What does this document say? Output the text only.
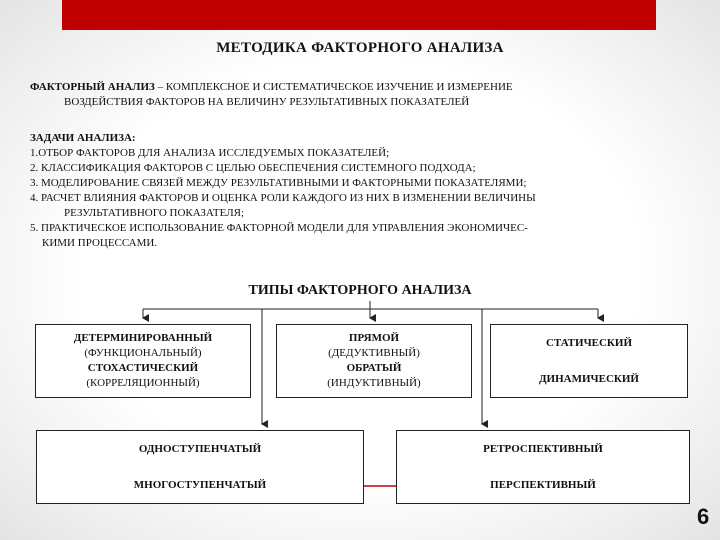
МЕТОДИКА ФАКТОРНОГО АНАЛИЗА
ФАКТОРНЫЙ АНАЛИЗ – КОМПЛЕКСНОЕ И СИСТЕМАТИЧЕСКОЕ ИЗУЧЕНИЕ И ИЗМЕРЕНИЕ
ВОЗДЕЙСТВИЯ ФАКТОРОВ НА ВЕЛИЧИНУ РЕЗУЛЬТАТИВНЫХ ПОКАЗАТЕЛЕЙ
ЗАДАЧИ АНАЛИЗА:
1.ОТБОР ФАКТОРОВ ДЛЯ АНАЛИЗА ИССЛЕДУЕМЫХ ПОКАЗАТЕЛЕЙ;
2. КЛАССИФИКАЦИЯ ФАКТОРОВ С ЦЕЛЬЮ ОБЕСПЕЧЕНИЯ СИСТЕМНОГО ПОДХОДА;
3. МОДЕЛИРОВАНИЕ СВЯЗЕЙ МЕЖДУ РЕЗУЛЬТАТИВНЫМИ И ФАКТОРНЫМИ ПОКАЗАТЕЛЯМИ;
4. РАСЧЕТ ВЛИЯНИЯ ФАКТОРОВ И ОЦЕНКА РОЛИ КАЖДОГО ИЗ НИХ В ИЗМЕНЕНИИ ВЕЛИЧИНЫ
РЕЗУЛЬТАТИВНОГО ПОКАЗАТЕЛЯ;
5. ПРАКТИЧЕСКОЕ ИСПОЛЬЗОВАНИЕ ФАКТОРНОЙ МОДЕЛИ ДЛЯ УПРАВЛЕНИЯ ЭКОНОМИЧЕС-
КИМИ ПРОЦЕССАМИ.
ТИПЫ ФАКТОРНОГО АНАЛИЗА
ДЕТЕРМИНИРОВАННЫЙ
(ФУНКЦИОНАЛЬНЫЙ)
СТОХАСТИЧЕСКИЙ
(КОРРЕЛЯЦИОННЫЙ)
ПРЯМОЙ
(ДЕДУКТИВНЫЙ)
ОБРАТЫЙ
(ИНДУКТИВНЫЙ)
СТАТИЧЕСКИЙ
ДИНАМИЧЕСКИЙ
ОДНОСТУПЕНЧАТЫЙ
МНОГОСТУПЕНЧАТЫЙ
РЕТРОСПЕКТИВНЫЙ
ПЕРСПЕКТИВНЫЙ
6
